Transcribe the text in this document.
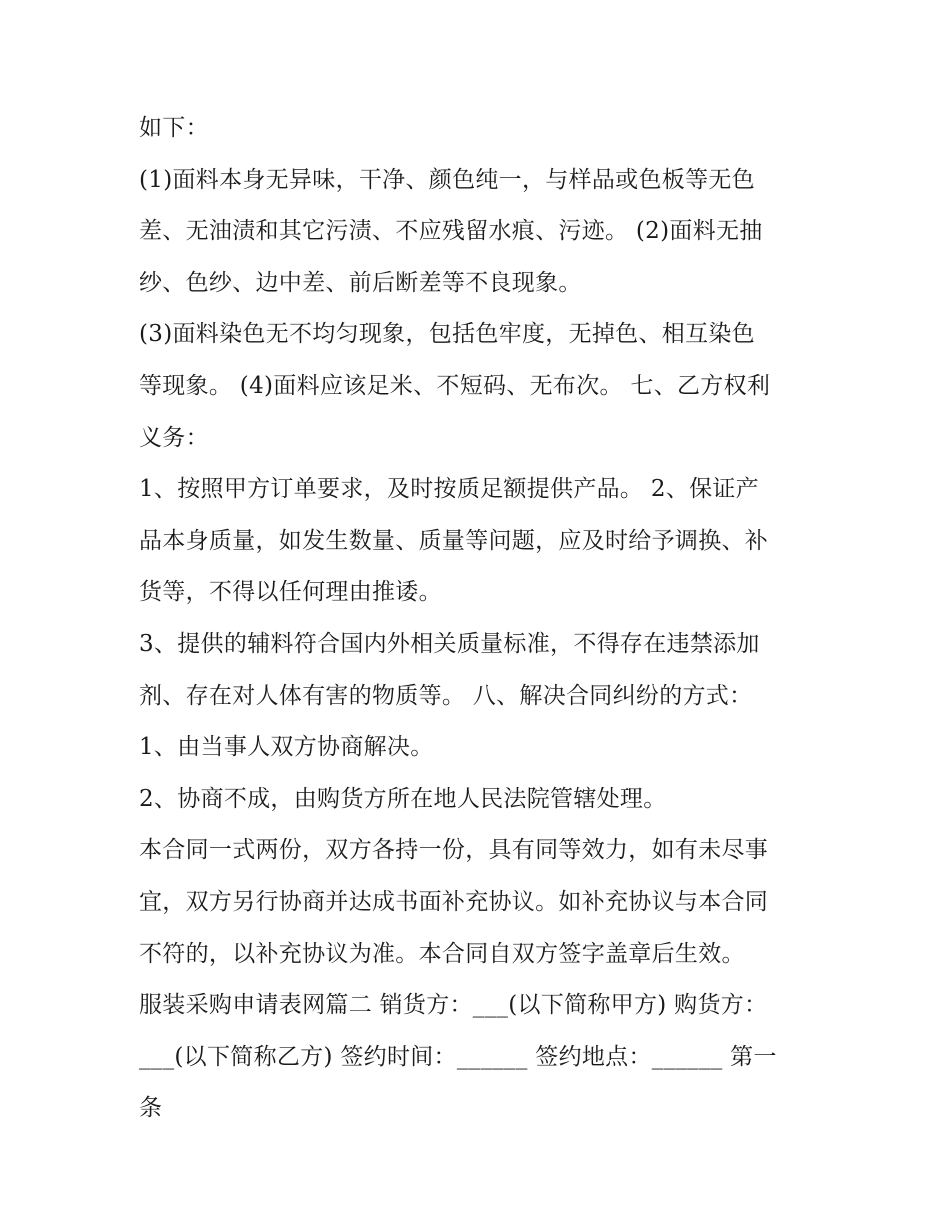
如下：
(1)面料本身无异味，干净、颜色纯一，与样品或色板等无色
差、无油渍和其它污渍、不应残留水痕、污迹。 (2)面料无抽
纱、色纱、边中差、前后断差等不良现象。
(3)面料染色无不均匀现象，包括色牢度，无掉色、相互染色
等现象。 (4)面料应该足米、不短码、无布次。 七、乙方权利
义务：
1、按照甲方订单要求，及时按质足额提供产品。 2、保证产
品本身质量，如发生数量、质量等问题，应及时给予调换、补
货等，不得以任何理由推诿。
3、提供的辅料符合国内外相关质量标准，不得存在违禁添加
剂、存在对人体有害的物质等。 八、解决合同纠纷的方式：
1、由当事人双方协商解决。
2、协商不成，由购货方所在地人民法院管辖处理。
本合同一式两份，双方各持一份，具有同等效力，如有未尽事
宜，双方另行协商并达成书面补充协议。如补充协议与本合同
不符的，以补充协议为准。本合同自双方签字盖章后生效。
服装采购申请表网篇二 销货方：___(以下简称甲方) 购货方：
___(以下简称乙方) 签约时间：______ 签约地点：______ 第一
条
